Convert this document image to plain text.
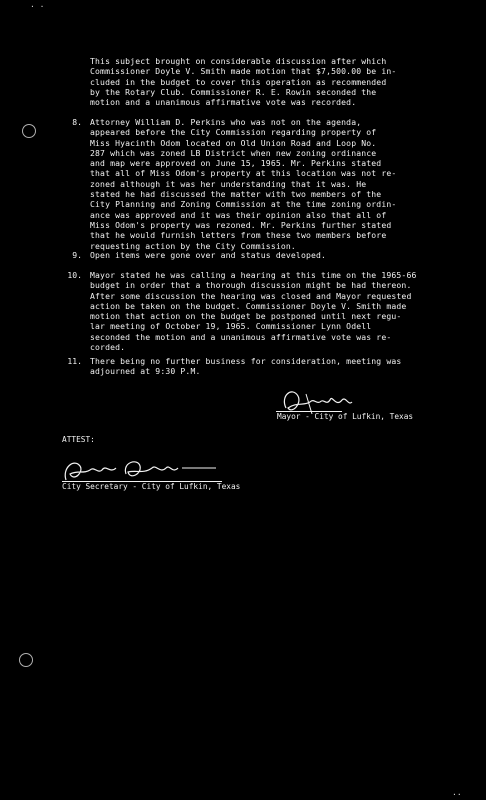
· ·
··
This subject brought on considerable discussion after which
Commissioner Doyle V. Smith made motion that $7,500.00 be in-
cluded in the budget to cover this operation as recommended
by the Rotary Club. Commissioner R. E. Rowin seconded the
motion and a unanimous affirmative vote was recorded.
8. Attorney William D. Perkins who was not on the agenda,
appeared before the City Commission regarding property of
Miss Hyacinth Odom located on Old Union Road and Loop No.
287 which was zoned LB District when new zoning ordinance
and map were approved on June 15, 1965. Mr. Perkins stated
that all of Miss Odom's property at this location was not re-
zoned although it was her understanding that it was. He
stated he had discussed the matter with two members of the
City Planning and Zoning Commission at the time zoning ordin-
ance was approved and it was their opinion also that all of
Miss Odom's property was rezoned. Mr. Perkins further stated
that he would furnish letters from these two members before
requesting action by the City Commission.
9. Open items were gone over and status developed.
10. Mayor stated he was calling a hearing at this time on the 1965-66
budget in order that a thorough discussion might be had thereon.
After some discussion the hearing was closed and Mayor requested
action be taken on the budget. Commissioner Doyle V. Smith made
motion that action on the budget be postponed until next regu-
lar meeting of October 19, 1965. Commissioner Lynn Odell
seconded the motion and a unanimous affirmative vote was re-
corded.
11. There being no further business for consideration, meeting was
adjourned at 9:30 P.M.
Mayor - City of Lufkin, Texas
ATTEST:
City Secretary - City of Lufkin, Texas
